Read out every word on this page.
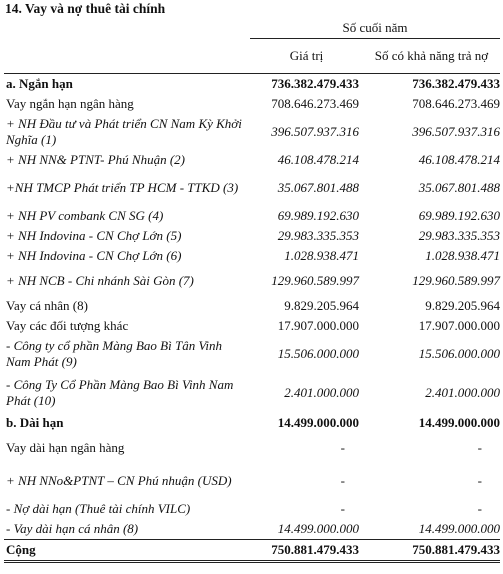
14. Vay và nợ thuê tài chính
	Số cuối năm	
	Giá trị	Số có khả năng trả nợ
a. Ngắn hạn	736.382.479.433	736.382.479.433
Vay ngắn hạn ngân hàng	708.646.273.469	708.646.273.469
+ NH Đầu tư và Phát triển CN Nam Kỳ Khởi Nghĩa (1)	396.507.937.316	396.507.937.316
+ NH NN& PTNT- Phú Nhuận (2)	46.108.478.214	46.108.478.214
+NH TMCP Phát triển TP HCM - TTKD (3)	35.067.801.488	35.067.801.488
+ NH PV combank CN SG (4)	69.989.192.630	69.989.192.630
+ NH Indovina - CN Chợ Lớn (5)	29.983.335.353	29.983.335.353
+ NH Indovina - CN Chợ Lớn (6)	1.028.938.471	1.028.938.471
+ NH NCB - Chi nhánh Sài Gòn (7)	129.960.589.997	129.960.589.997
Vay cá nhân (8)	9.829.205.964	9.829.205.964
Vay các đối tượng khác	17.907.000.000	17.907.000.000
- Công ty cổ phần Màng Bao Bì Tân Vinh Nam Phát (9)	15.506.000.000	15.506.000.000
- Công Ty Cổ Phần Màng Bao Bì Vinh Nam Phát (10)	2.401.000.000	2.401.000.000
b. Dài hạn	14.499.000.000	14.499.000.000
Vay dài hạn ngân hàng	-	-
+ NH NNo&PTNT – CN Phú nhuận (USD)	-	-
- Nợ dài hạn (Thuê tài chính VILC)	-	-
- Vay dài hạn cá nhân (8)	14.499.000.000	14.499.000.000
Cộng	750.881.479.433	750.881.479.433
